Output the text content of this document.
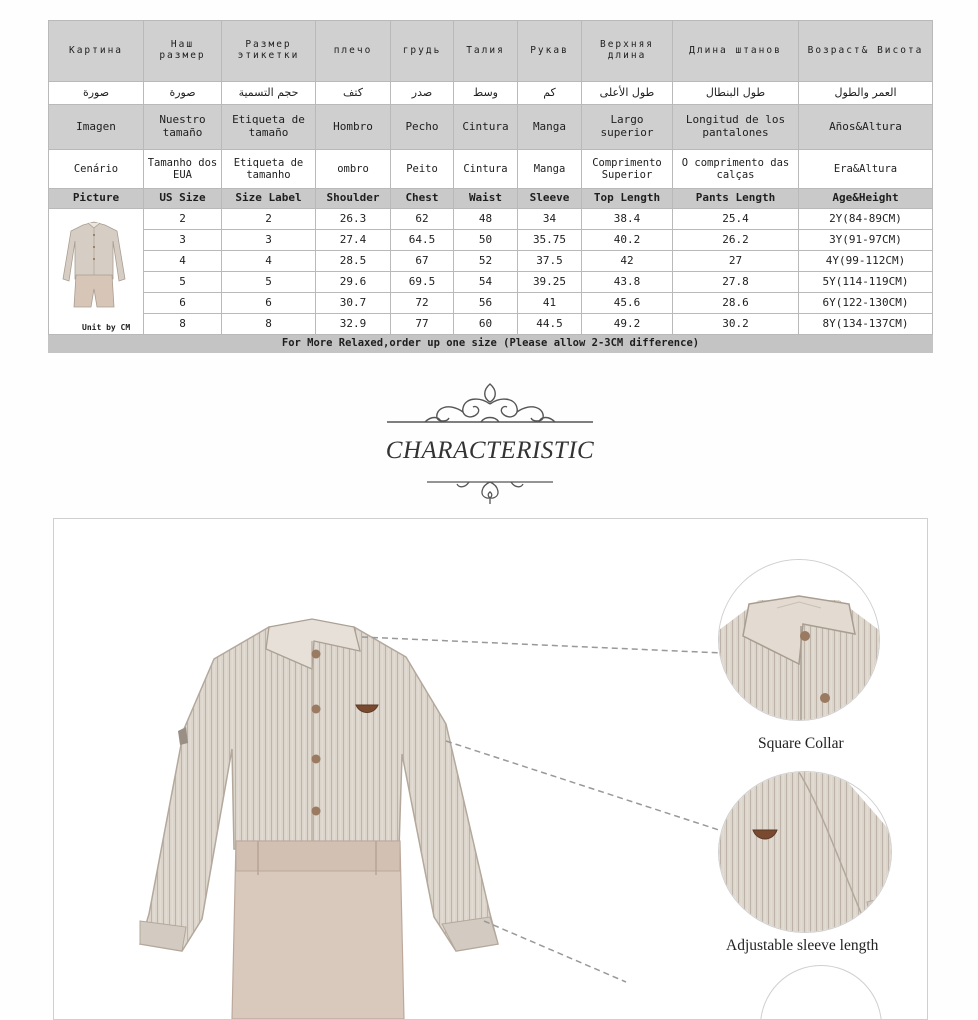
Картина	Наш размер	Размер этикетки	плечо	грудь	Талия	Рукав	Верхняя длина	Длина штанов	Возраст& Висота
صورة	صورة	حجم التسمية	كتف	صدر	وسط	كم	طول الأعلى	طول البنطال	العمر والطول
Imagen	Nuestro tamaño	Etiqueta de tamaño	Hombro	Pecho	Cintura	Manga	Largo superior	Longitud de los pantalones	Años&Altura
Cenário	Tamanho dos EUA	Etiqueta de tamanho	ombro	Peito	Cintura	Manga	Comprimento Superior	O comprimento das calças	Era&Altura
Picture	US Size	Size Label	Shoulder	Chest	Waist	Sleeve	Top Length	Pants Length	Age&Height

Unit by CM	2	2	26.3	62	48	34	38.4	25.4	2Y(84-89CM)
	3	3	27.4	64.5	50	35.75	40.2	26.2	3Y(91-97CM)
	4	4	28.5	67	52	37.5	42	27	4Y(99-112CM)
	5	5	29.6	69.5	54	39.25	43.8	27.8	5Y(114-119CM)
	6	6	30.7	72	56	41	45.6	28.6	6Y(122-130CM)
	8	8	32.9	77	60	44.5	49.2	30.2	8Y(134-137CM)
For More Relaxed,order up one size (Please allow 2-3CM difference)									
CHARACTERISTIC
Square Collar
Adjustable sleeve length
